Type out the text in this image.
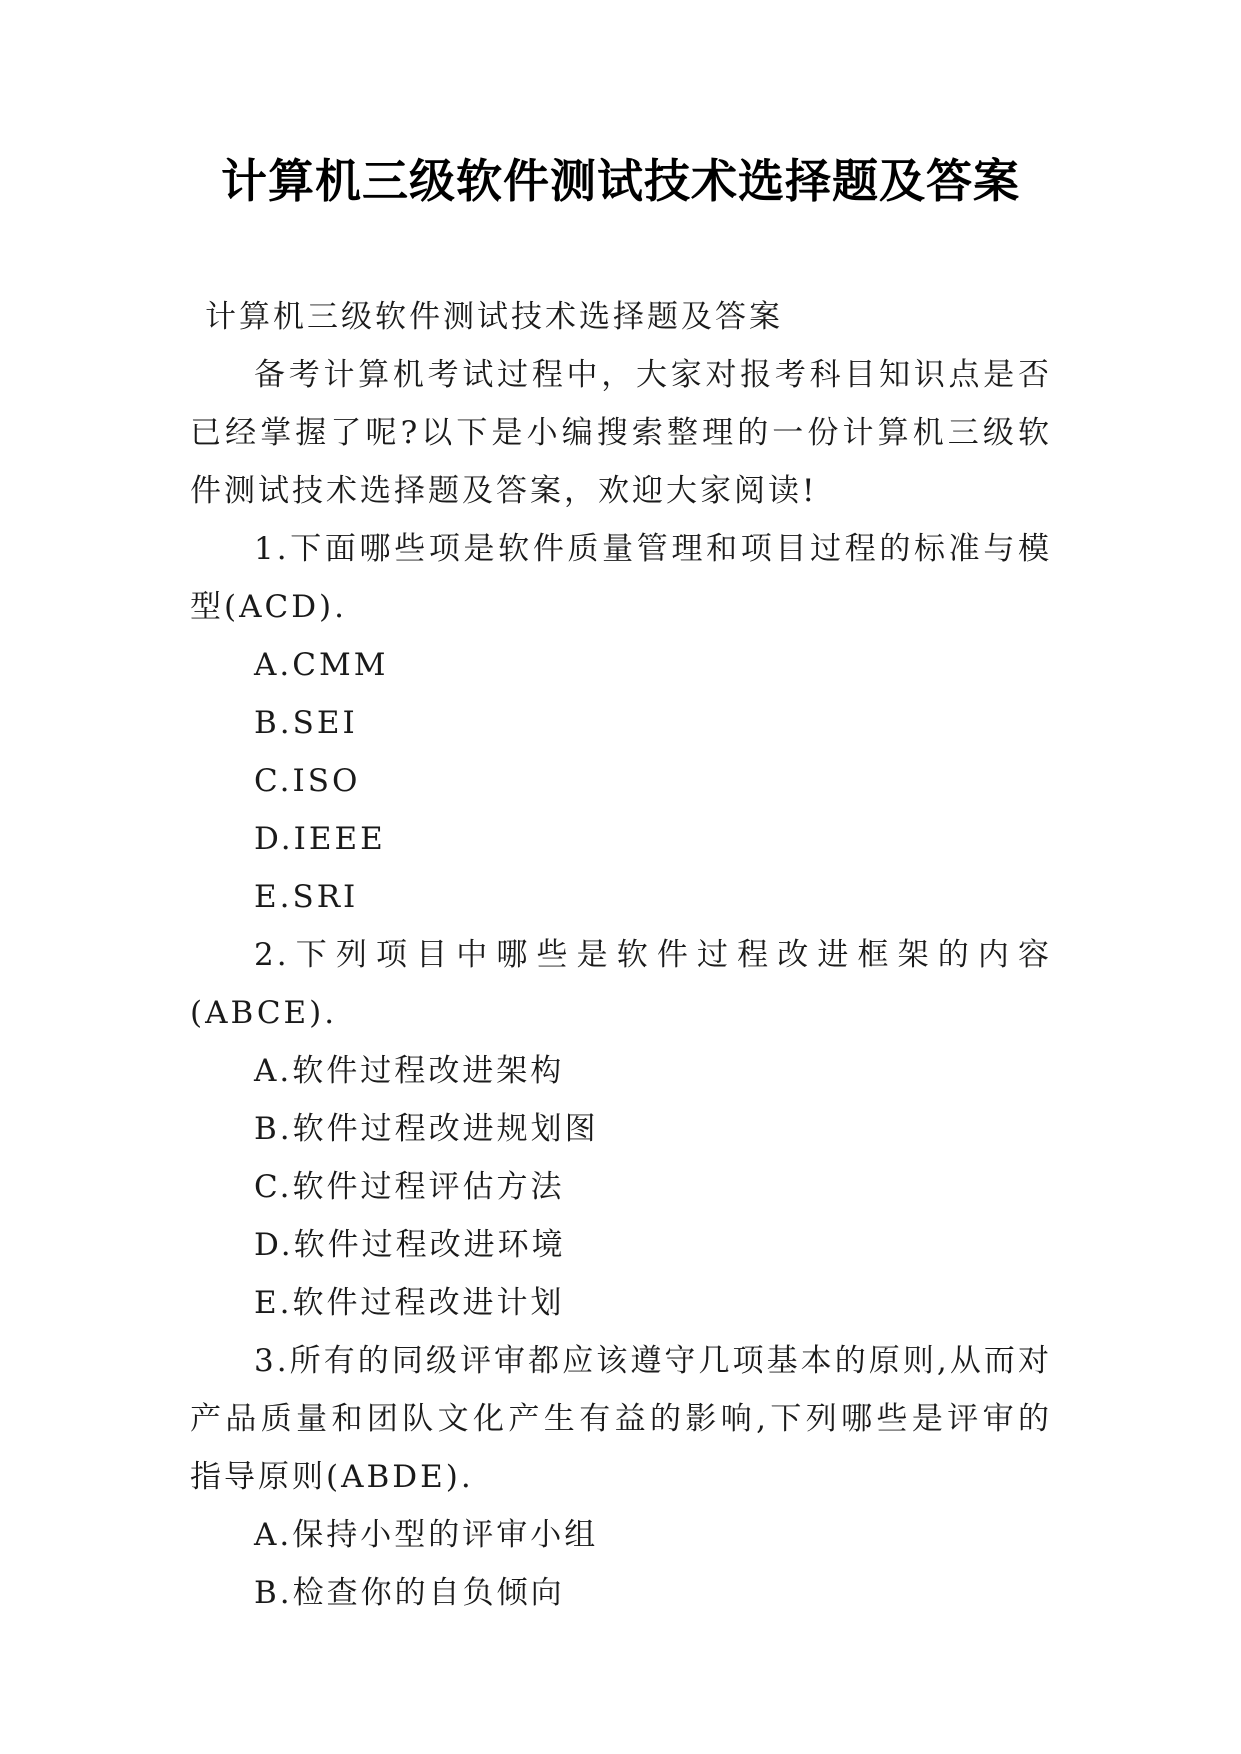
计算机三级软件测试技术选择题及答案

计算机三级软件测试技术选择题及答案

备考计算机考试过程中，大家对报考科目知识点是否已经掌握了呢?以下是小编搜索整理的一份计算机三级软件测试技术选择题及答案，欢迎大家阅读!

1.下面哪些项是软件质量管理和项目过程的标准与模型(ACD).

A.CMM

B.SEI

C.ISO

D.IEEE

E.SRI

2.下列项目中哪些是软件过程改进框架的内容(ABCE).

A.软件过程改进架构

B.软件过程改进规划图

C.软件过程评估方法

D.软件过程改进环境

E.软件过程改进计划

3.所有的同级评审都应该遵守几项基本的原则,从而对产品质量和团队文化产生有益的影响,下列哪些是评审的指导原则(ABDE).

A.保持小型的评审小组

B.检查你的自负倾向
